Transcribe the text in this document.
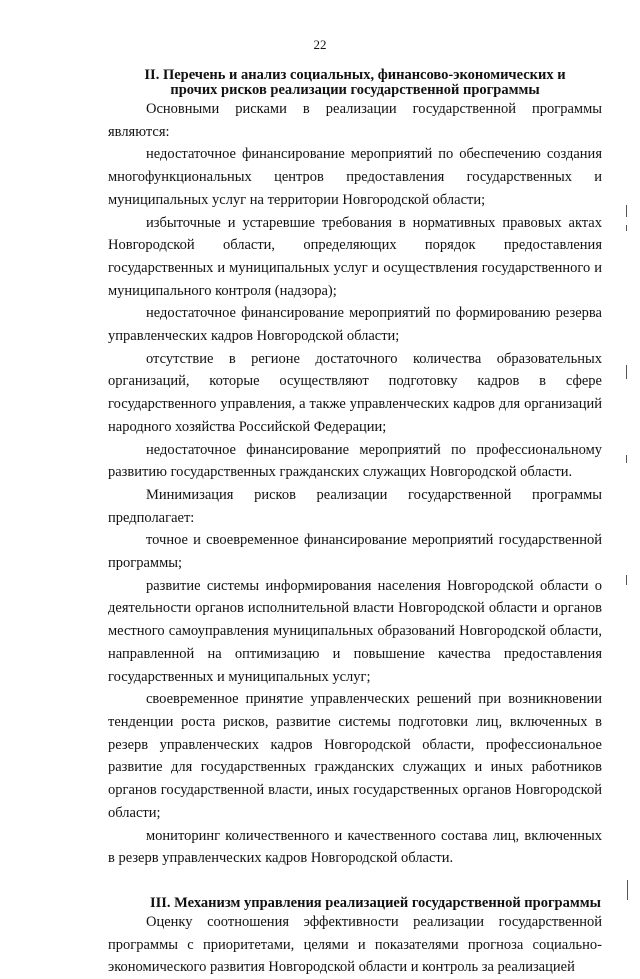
22
II. Перечень и анализ социальных, финансово-экономических и
прочих рисков реализации государственной программы

Основными рисками в реализации государственной программы являются:

недостаточное финансирование мероприятий по обеспечению создания многофункциональных центров предоставления государственных и муниципальных услуг на территории Новгородской области;

избыточные и устаревшие требования в нормативных правовых актах Новгородской области, определяющих порядок предоставления государственных и муниципальных услуг и осуществления государственного и муниципального контроля (надзора);

недостаточное финансирование мероприятий по формированию резерва управленческих кадров Новгородской области;

отсутствие в регионе достаточного количества образовательных организаций, которые осуществляют подготовку кадров в сфере государственного управления, а также управленческих кадров для организаций народного хозяйства Российской Федерации;

недостаточное финансирование мероприятий по профессиональному развитию государственных гражданских служащих Новгородской области.

Минимизация рисков реализации государственной программы предполагает:

точное и своевременное финансирование мероприятий государственной программы;

развитие системы информирования населения Новгородской области о деятельности органов исполнительной власти Новгородской области и органов местного самоуправления муниципальных образований Новгородской области, направленной на оптимизацию и повышение качества предоставления государственных и муниципальных услуг;

своевременное принятие управленческих решений при возникновении тенденции роста рисков, развитие системы подготовки лиц, включенных в резерв управленческих кадров Новгородской области, профессиональное развитие для государственных гражданских служащих и иных работников органов государственной власти, иных государственных органов Новгородской области;

мониторинг количественного и качественного состава лиц, включенных в резерв управленческих кадров Новгородской области.

III. Механизм управления реализацией государственной программы

Оценку соотношения эффективности реализации государственной программы с приоритетами, целями и показателями прогноза социально-экономического развития Новгородской области и контроль за реализацией
